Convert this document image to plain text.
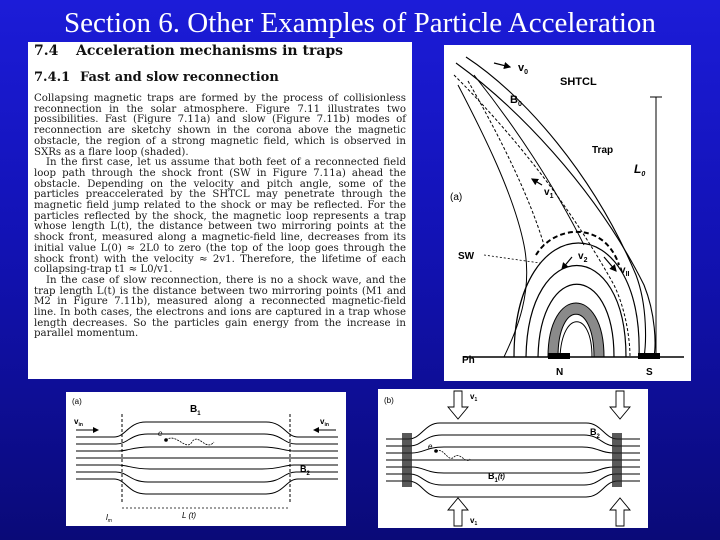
Section 6. Other Examples of Particle Acceleration
7.4 Acceleration mechanisms in traps
7.4.1 Fast and slow reconnection

Collapsing magnetic traps are formed by the process of collisionless reconnection in the solar atmosphere. Figure 7.11 illustrates two possibilities. Fast (Figure 7.11a) and slow (Figure 7.11b) modes of reconnection are sketchy shown in the corona above the magnetic obstacle, the region of a strong magnetic field, which is observed in SXRs as a flare loop (shaded).

In the first case, let us assume that both feet of a reconnected field loop path through the shock front (SW in Figure 7.11a) ahead the obstacle. Depending on the velocity and pitch angle, some of the particles preaccelerated by the SHTCL may penetrate through the magnetic field jump related to the shock or may be reflected. For the particles reflected by the shock, the magnetic loop represents a trap whose length L(t), the distance between two mirroring points at the shock front, measured along a magnetic-field line, decreases from its initial value L(0) ≈ 2L0 to zero (the top of the loop goes through the shock front) with the velocity ≈ 2v1. Therefore, the lifetime of each collapsing-trap t1 ≈ L0/v1.

In the case of slow reconnection, there is no a shock wave, and the trap length L(t) is the distance between two mirroring points (M1 and M2 in Figure 7.11b), measured along a reconnected magnetic-field line. In both cases, the electrons and ions are captured in a trap whose length decreases. So the particles gain energy from the increase in parallel momentum.

$v_0$
SHTCL
$B_0$
Trap
$L_0$
(a)	$v_1$
SW	$v_2$
$v_{II}$
Ph
N	S
(a)
$B_1$
$v_{in}$	$v_{in}$
e
$B_2$
L (t)
$l_m$
(b)	$v_1$
$v_1$
$B_2$
e
$B_1^{(t)}$
